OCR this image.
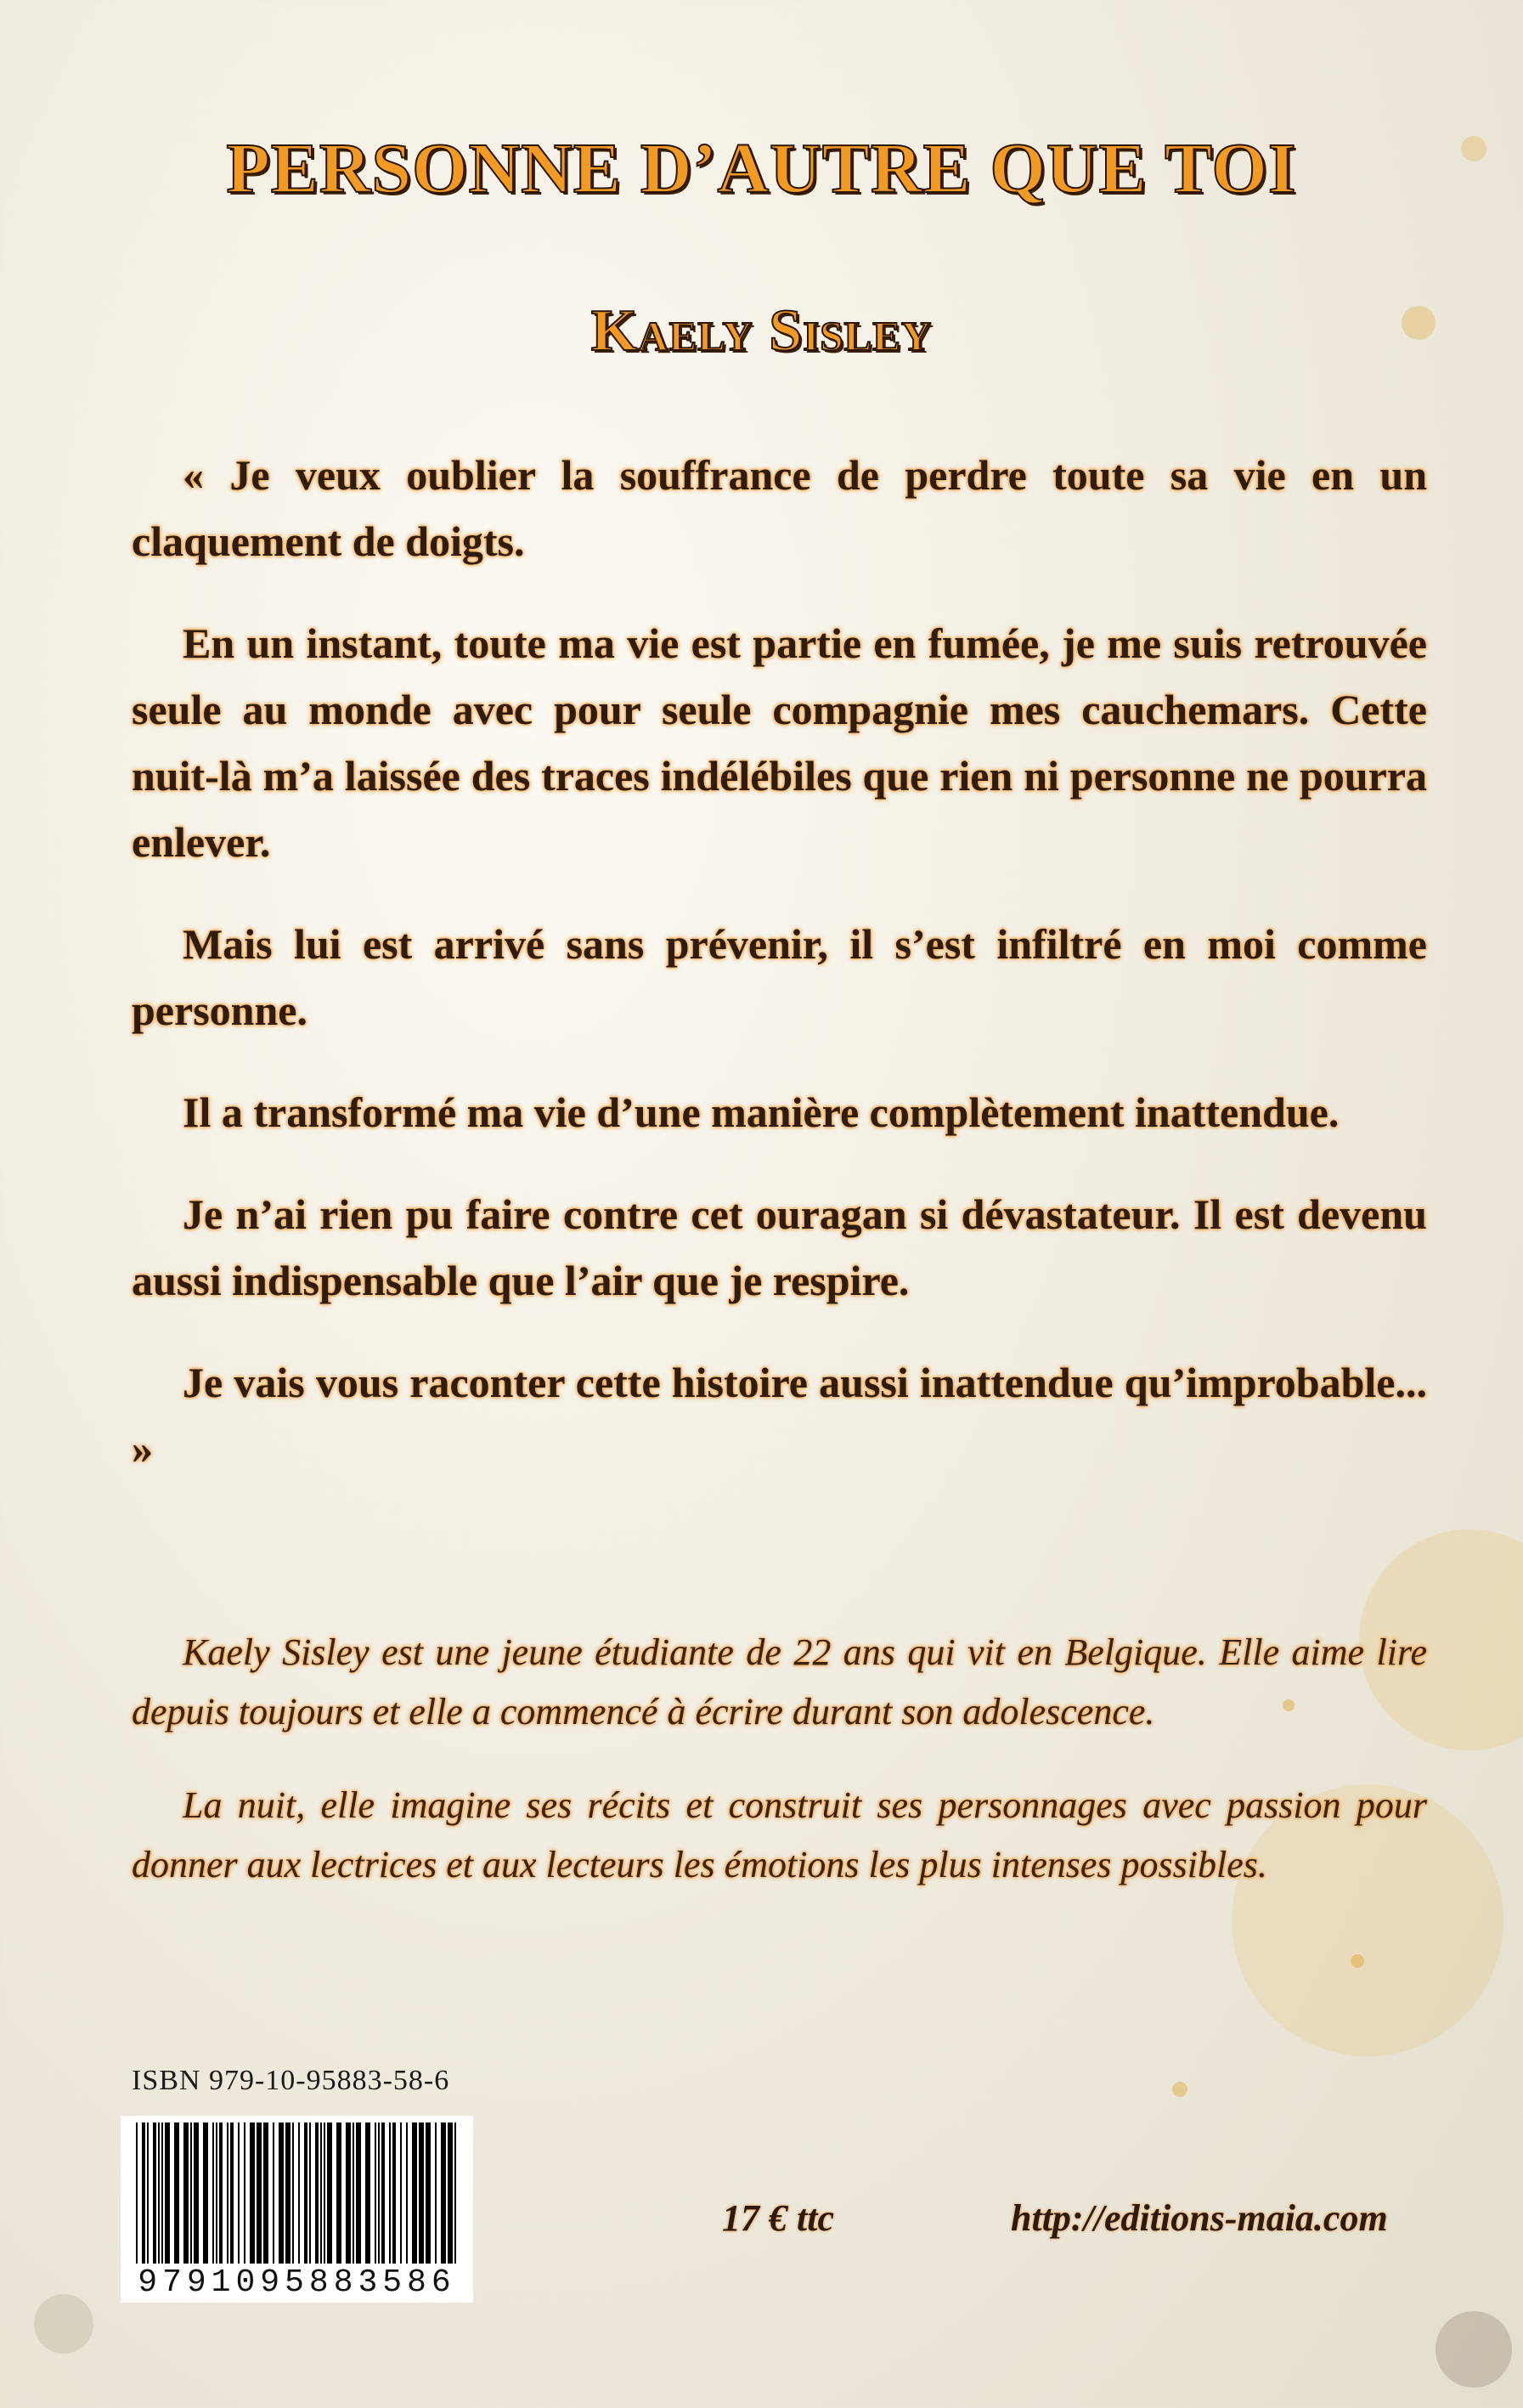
PERSONNE D’AUTRE QUE TOI
Kaely Sisley

« Je veux oublier la souffrance de perdre toute sa vie en un claquement de doigts.

En un instant, toute ma vie est partie en fumée, je me suis retrouvée seule au monde avec pour seule compagnie mes cauchemars. Cette nuit-là m’a laissée des traces indélébiles que rien ni personne ne pourra enlever.

Mais lui est arrivé sans prévenir, il s’est infiltré en moi comme personne.

Il a transformé ma vie d’une manière complètement inattendue.

Je n’ai rien pu faire contre cet ouragan si dévastateur. Il est devenu aussi indispensable que l’air que je respire.

Je vais vous raconter cette histoire aussi inattendue qu’improbable... »

Kaely Sisley est une jeune étudiante de 22 ans qui vit en Belgique. Elle aime lire depuis toujours et elle a commencé à écrire durant son adolescence.

La nuit, elle imagine ses récits et construit ses personnages avec passion pour donner aux lectrices et aux lecteurs les émotions les plus intenses possibles.

ISBN 979-10-95883-58-6
9791095883586
17 € ttc	http://editions-maia.com
